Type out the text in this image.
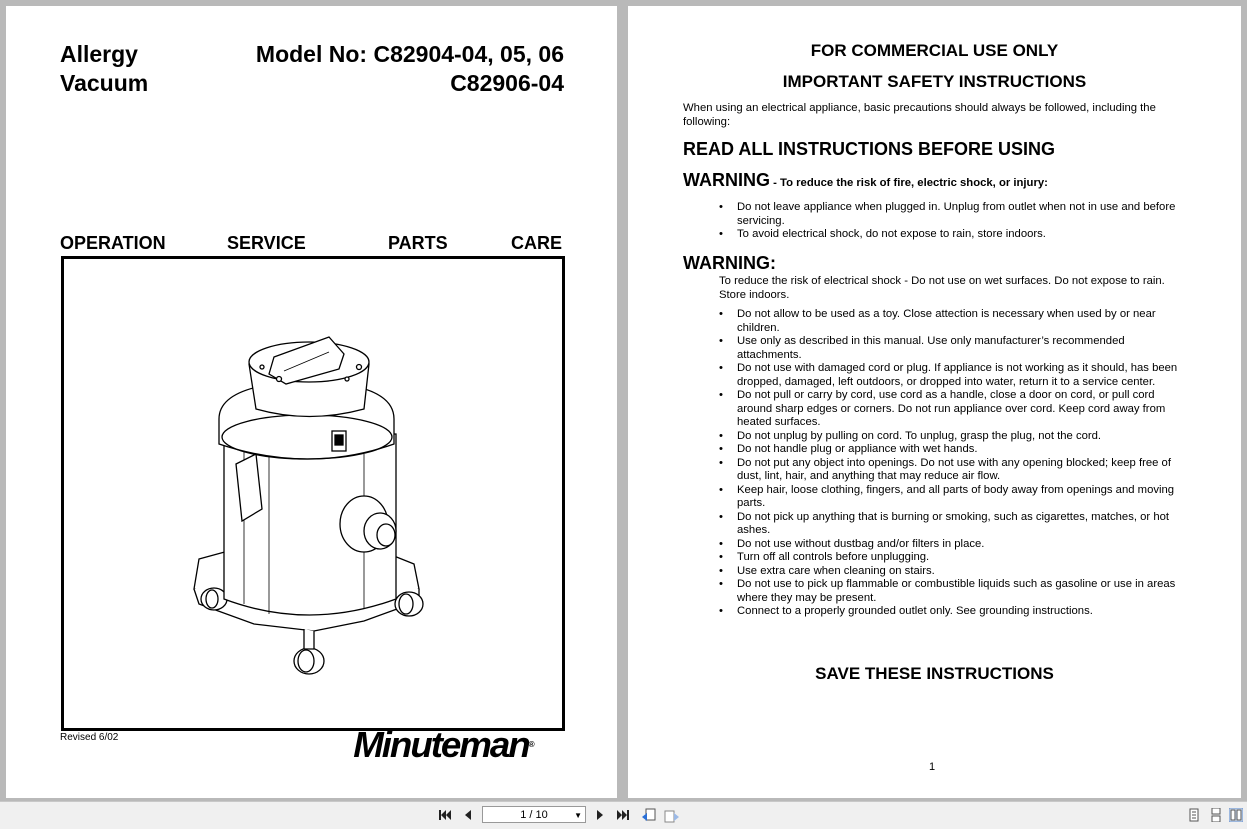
Allergy
Vacuum
Model No: C82904-04, 05, 06
C82906-04
OPERATION	SERVICE	PARTS	CARE
Revised 6/02	Minuteman®
FOR COMMERCIAL USE ONLY
IMPORTANT SAFETY INSTRUCTIONS
When using an electrical appliance, basic precautions should always be followed, including the following:
READ ALL INSTRUCTIONS BEFORE USING
WARNING - To reduce the risk of fire, electric shock, or injury:
• Do not leave appliance when plugged in. Unplug from outlet when not in use and before servicing.
• To avoid electrical shock, do not expose to rain, store indoors.
WARNING:
To reduce the risk of electrical shock - Do not use on wet surfaces. Do not expose to rain. Store indoors.
• Do not allow to be used as a toy. Close attection is necessary when used by or near children.
• Use only as described in this manual. Use only manufacturer’s recommended attachments.
• Do not use with damaged cord or plug. If appliance is not working as it should, has been dropped, damaged, left outdoors, or dropped into water, return it to a service center.
• Do not pull or carry by cord, use cord as a handle, close a door on cord, or pull cord around sharp edges or corners. Do not run appliance over cord. Keep cord away from heated surfaces.
• Do not unplug by pulling on cord. To unplug, grasp the plug, not the cord.
• Do not handle plug or appliance with wet hands.
• Do not put any object into openings. Do not use with any opening blocked; keep free of dust, lint, hair, and anything that may reduce air flow.
• Keep hair, loose clothing, fingers, and all parts of body away from openings and moving parts.
• Do not pick up anything that is burning or smoking, such as cigarettes, matches, or hot ashes.
• Do not use without dustbag and/or filters in place.
• Turn off all controls before unplugging.
• Use extra care when cleaning on stairs.
• Do not use to pick up flammable or combustible liquids such as gasoline or use in areas where they may be present.
• Connect to a properly grounded outlet only. See grounding instructions.
SAVE THESE INSTRUCTIONS
1
1 / 10	▼
